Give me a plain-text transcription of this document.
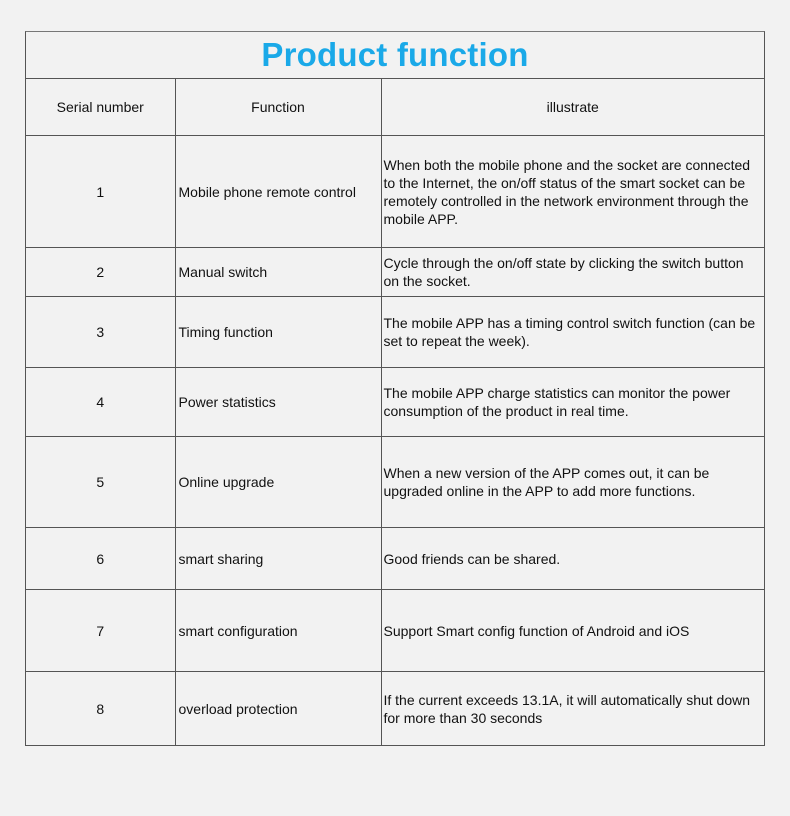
Product function
Serial number	Function	illustrate
1	Mobile phone remote control	When both the mobile phone and the socket are connected to the Internet, the on/off status of the smart socket can be remotely controlled in the network environment through the mobile APP.
2	Manual switch	Cycle through the on/off state by clicking the switch button on the socket.
3	Timing function	The mobile APP has a timing control switch function (can be set to repeat the week).
4	Power statistics	The mobile APP charge statistics can monitor the power consumption of the product in real time.
5	Online upgrade	When a new version of the APP comes out, it can be upgraded online in the APP to add more functions.
6	smart sharing	Good friends can be shared.
7	smart configuration	Support Smart config function of Android and iOS
8	overload protection	If the current exceeds 13.1A, it will automatically shut down for more than 30 seconds
